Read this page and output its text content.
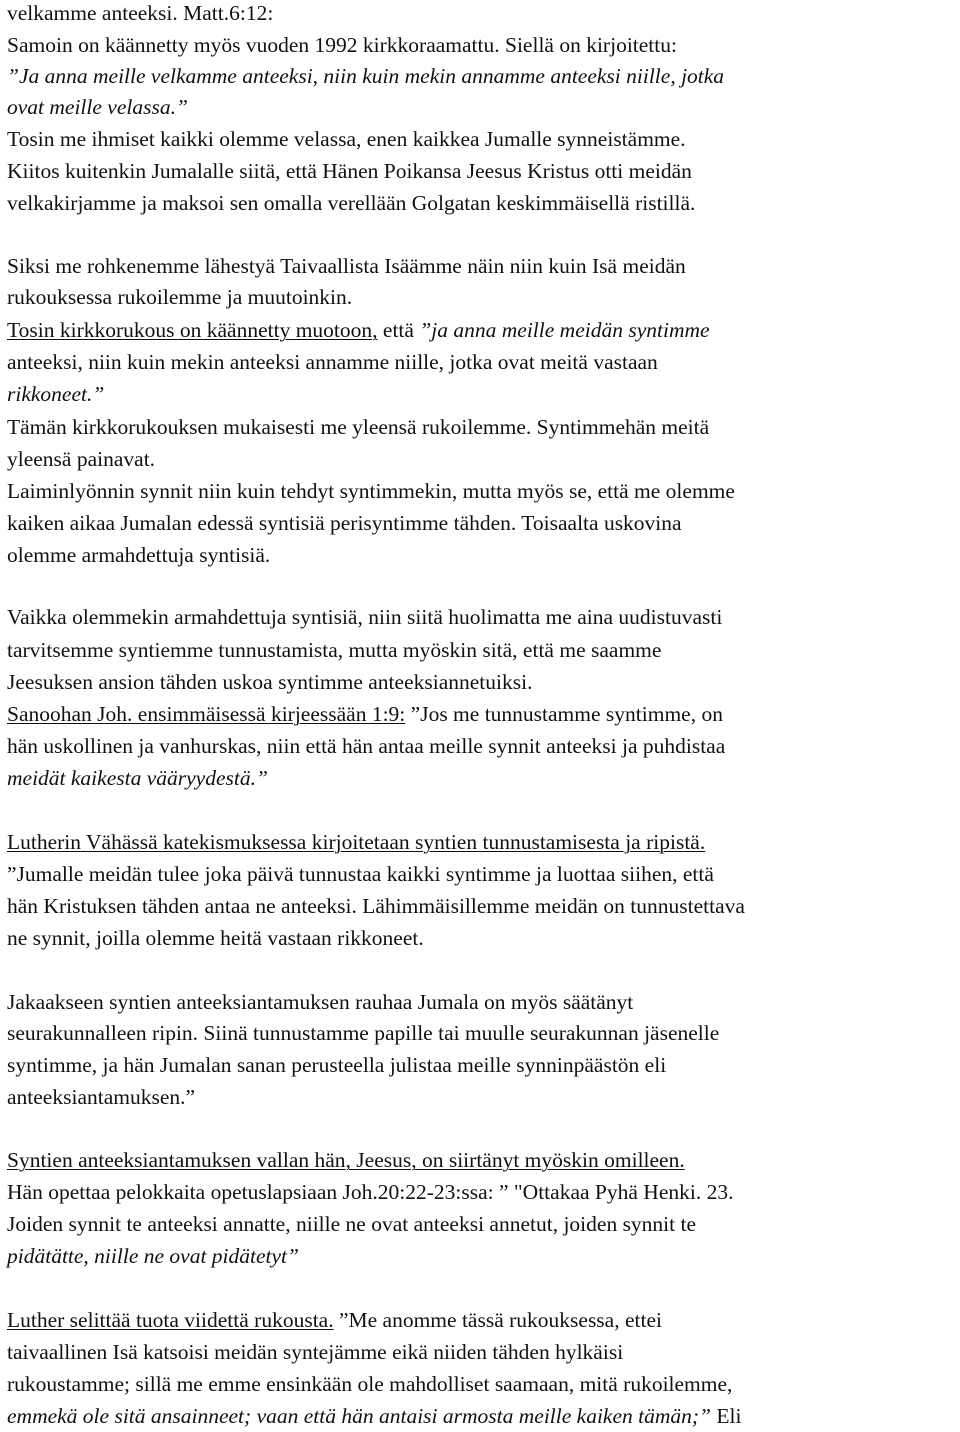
velkamme anteeksi. Matt.6:12:
Samoin on käännetty myös vuoden 1992 kirkkoraamattu. Siellä on kirjoitettu:
”Ja anna meille velkamme anteeksi, niin kuin mekin annamme anteeksi niille, jotka
ovat meille velassa.”
Tosin me ihmiset kaikki olemme velassa, enen kaikkea Jumalle synneistämme.
Kiitos kuitenkin Jumalalle siitä, että Hänen Poikansa Jeesus Kristus otti meidän
velkakirjamme ja maksoi sen omalla verellään Golgatan keskimmäisellä ristillä.
Siksi me rohkenemme lähestyä Taivaallista Isäämme näin niin kuin Isä meidän
rukouksessa rukoilemme ja muutoinkin.
Tosin kirkkorukous on käännetty muotoon, että ”ja anna meille meidän syntimme
anteeksi, niin kuin mekin anteeksi annamme niille, jotka ovat meitä vastaan
rikkoneet.”
Tämän kirkkorukouksen mukaisesti me yleensä rukoilemme. Syntimmehän meitä
yleensä painavat.
Laiminlyönnin synnit niin kuin tehdyt syntimmekin, mutta myös se, että me olemme
kaiken aikaa Jumalan edessä syntisiä perisyntimme tähden. Toisaalta uskovina
olemme armahdettuja syntisiä.
Vaikka olemmekin armahdettuja syntisiä, niin siitä huolimatta me aina uudistuvasti
tarvitsemme syntiemme tunnustamista, mutta myöskin sitä, että me saamme
Jeesuksen ansion tähden uskoa syntimme anteeksiannetuiksi.
Sanoohan Joh. ensimmäisessä kirjeessään 1:9: ”Jos me tunnustamme syntimme, on
hän uskollinen ja vanhurskas, niin että hän antaa meille synnit anteeksi ja puhdistaa
meidät kaikesta vääryydestä.”
Lutherin Vähässä katekismuksessa kirjoitetaan syntien tunnustamisesta ja ripistä.
”Jumalle meidän tulee joka päivä tunnustaa kaikki syntimme ja luottaa siihen, että
hän Kristuksen tähden antaa ne anteeksi. Lähimmäisillemme meidän on tunnustettava
ne synnit, joilla olemme heitä vastaan rikkoneet.
Jakaakseen syntien anteeksiantamuksen rauhaa Jumala on myös säätänyt
seurakunnalleen ripin. Siinä tunnustamme papille tai muulle seurakunnan jäsenelle
syntimme, ja hän Jumalan sanan perusteella julistaa meille synninpäästön eli
anteeksiantamuksen.”
Syntien anteeksiantamuksen vallan hän, Jeesus, on siirtänyt myöskin omilleen.
Hän opettaa pelokkaita opetuslapsiaan Joh.20:22-23:ssa: ” "Ottakaa Pyhä Henki. 23.
Joiden synnit te anteeksi annatte, niille ne ovat anteeksi annetut, joiden synnit te
pidätätte, niille ne ovat pidätetyt”
Luther selittää tuota viidettä rukousta. ”Me anomme tässä rukouksessa, ettei
taivaallinen Isä katsoisi meidän syntejämme eikä niiden tähden hylkäisi
rukoustamme; sillä me emme ensinkään ole mahdolliset saamaan, mitä rukoilemme,
emmekä ole sitä ansainneet; vaan että hän antaisi armosta meille kaiken tämän;” Eli
